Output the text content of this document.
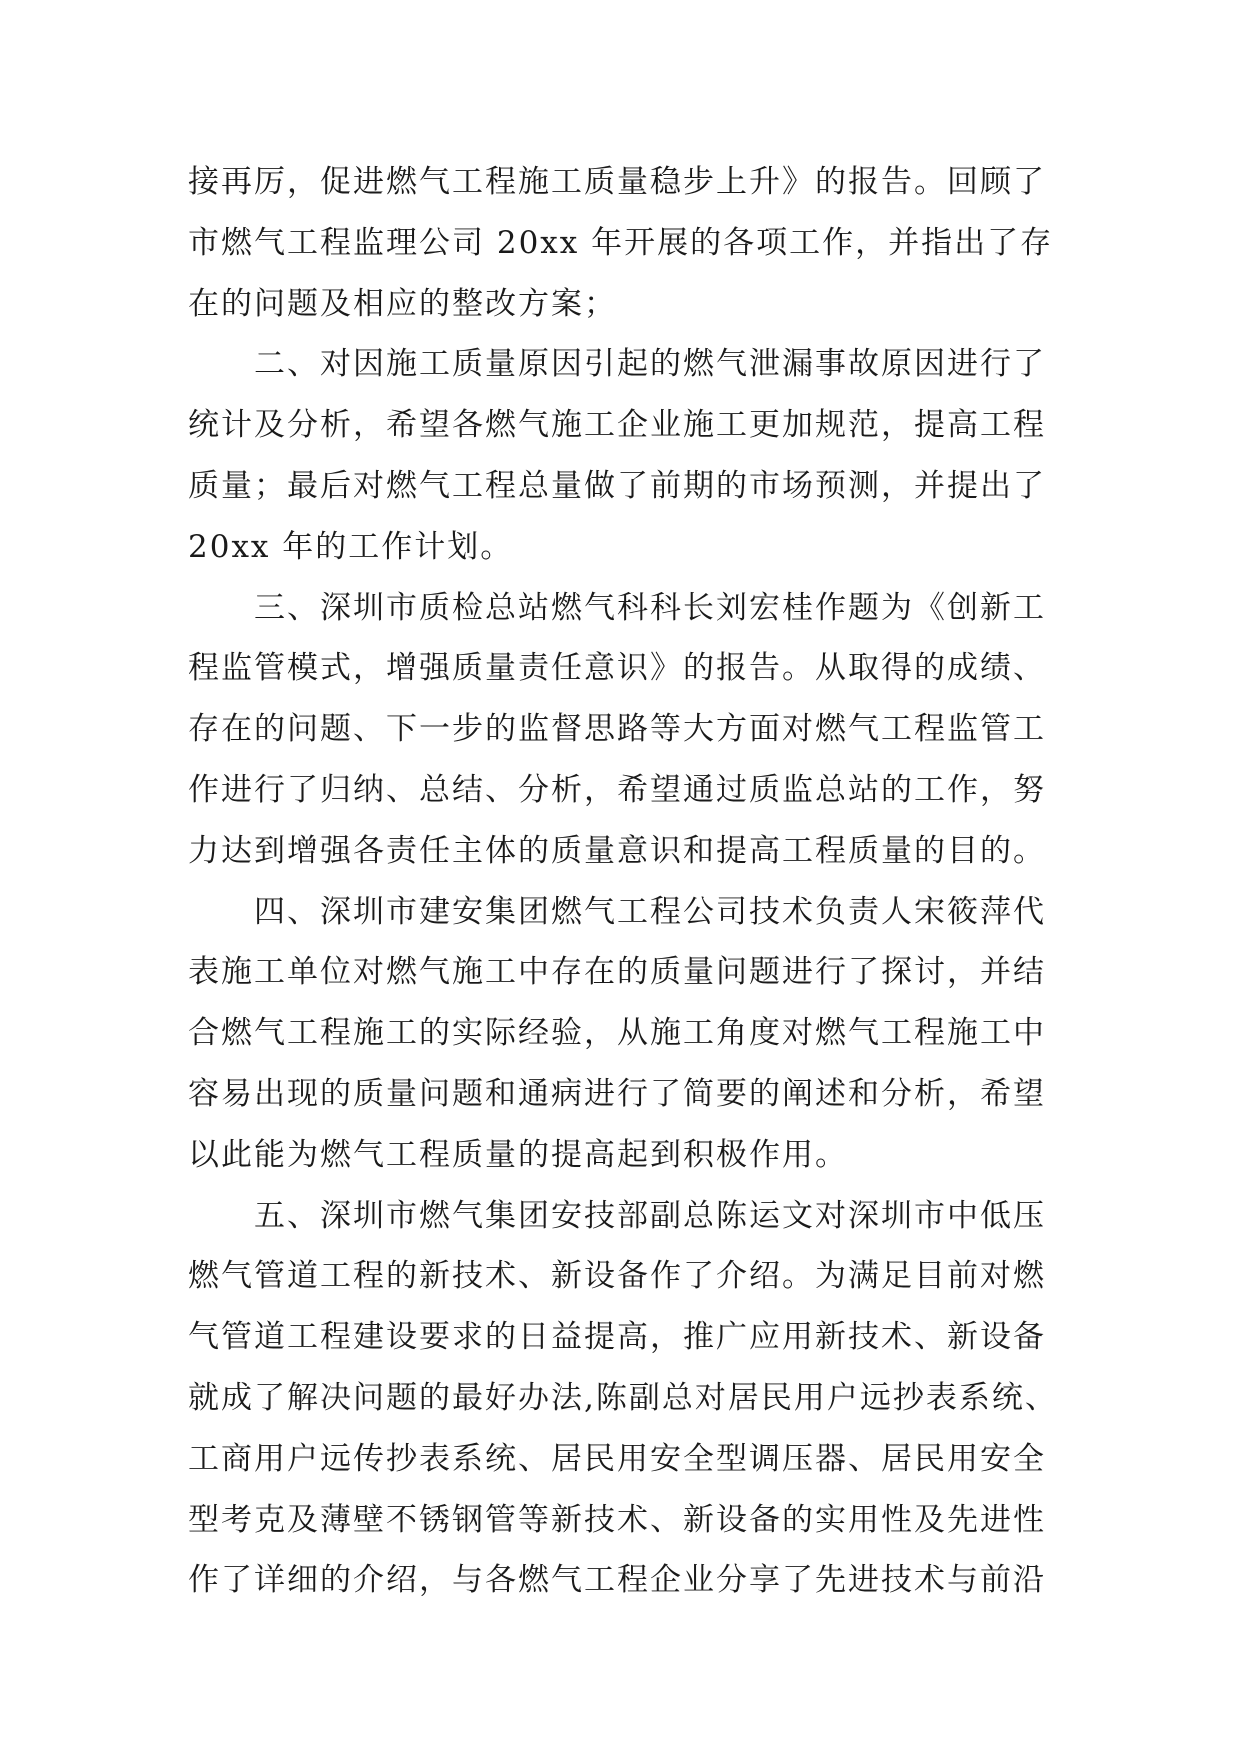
接再厉，促进燃气工程施工质量稳步上升》的报告。回顾了
市燃气工程监理公司 20xx 年开展的各项工作，并指出了存
在的问题及相应的整改方案；
　　二、对因施工质量原因引起的燃气泄漏事故原因进行了
统计及分析，希望各燃气施工企业施工更加规范，提高工程
质量；最后对燃气工程总量做了前期的市场预测，并提出了
20xx 年的工作计划。
　　三、深圳市质检总站燃气科科长刘宏桂作题为《创新工
程监管模式，增强质量责任意识》的报告。从取得的成绩、
存在的问题、下一步的监督思路等大方面对燃气工程监管工
作进行了归纳、总结、分析，希望通过质监总站的工作，努
力达到增强各责任主体的质量意识和提高工程质量的目的。
　　四、深圳市建安集团燃气工程公司技术负责人宋筱萍代
表施工单位对燃气施工中存在的质量问题进行了探讨，并结
合燃气工程施工的实际经验，从施工角度对燃气工程施工中
容易出现的质量问题和通病进行了简要的阐述和分析，希望
以此能为燃气工程质量的提高起到积极作用。
　　五、深圳市燃气集团安技部副总陈运文对深圳市中低压
燃气管道工程的新技术、新设备作了介绍。为满足目前对燃
气管道工程建设要求的日益提高，推广应用新技术、新设备
就成了解决问题的最好办法,陈副总对居民用户远抄表系统、
工商用户远传抄表系统、居民用安全型调压器、居民用安全
型考克及薄壁不锈钢管等新技术、新设备的实用性及先进性
作了详细的介绍，与各燃气工程企业分享了先进技术与前沿
